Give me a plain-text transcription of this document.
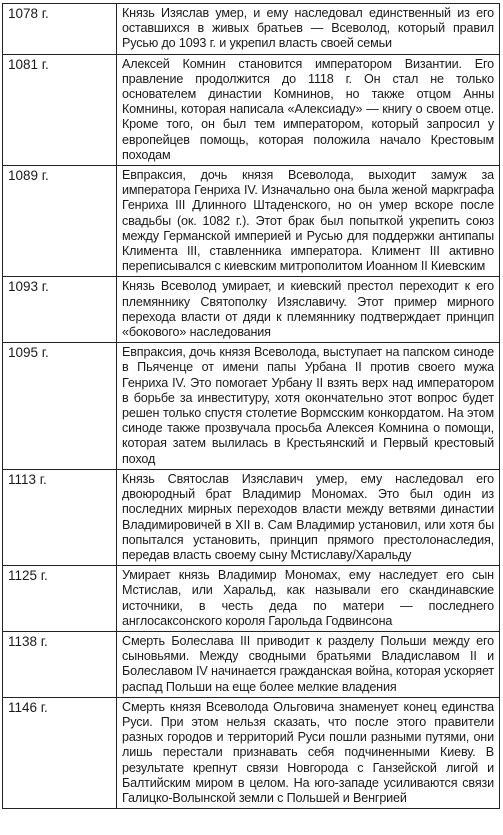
1078 г.	Князь Изяслав умер, и ему наследовал единственный из его оставшихся в живых братьев — Всеволод, который правил Русью до 1093 г. и укрепил власть своей семьи
1081 г.	Алексей Комнин становится императором Византии. Его правление продолжится до 1118 г. Он стал не только основателем династии Комнинов, но также отцом Анны Комнины, которая написала «Алексиаду» — книгу о своем отце. Кроме того, он был тем императором, который запросил у европейцев помощь, которая положила начало Крестовым походам
1089 г.	Евпраксия, дочь князя Всеволода, выходит замуж за императора Генриха IV. Изначально она была женой маркграфа Генриха III Длинного Штаденского, но он умер вскоре после свадьбы (ок. 1082 г.). Этот брак был попыткой укрепить союз между Германской империей и Русью для поддержки антипапы Климента III, ставленника императора. Климент III активно переписывался с киевским митрополитом Иоанном II Киевским
1093 г.	Князь Всеволод умирает, и киевский престол переходит к его племяннику Святополку Изяславичу. Этот пример мирного перехода власти от дяди к племяннику подтверждает принцип «бокового» наследования
1095 г.	Евпраксия, дочь князя Всеволода, выступает на папском синоде в Пьяченце от имени папы Урбана II против своего мужа Генриха IV. Это помогает Урбану II взять верх над императором в борьбе за инвеституру, хотя окончательно этот вопрос будет решен только спустя столетие Вормсским конкордатом. На этом синоде также прозвучала просьба Алексея Комнина о помощи, которая затем вылилась в Крестьянский и Первый крестовый поход
1113 г.	Князь Святослав Изяславич умер, ему наследовал его двоюродный брат Владимир Мономах. Это был один из последних мирных переходов власти между ветвями династии Владимировичей в XII в. Сам Владимир установил, или хотя бы попытался установить, принцип прямого престолонаследия, передав власть своему сыну Мстиславу/Харальду
1125 г.	Умирает князь Владимир Мономах, ему наследует его сын Мстислав, или Харальд, как называли его скандинавские источники, в честь деда по матери — последнего англосаксонского короля Гарольда Годвинсона
1138 г.	Смерть Болеслава III приводит к разделу Польши между его сыновьями. Между сводными братьями Владиславом II и Болеславом IV начинается гражданская война, которая ускоряет распад Польши на еще более мелкие владения
1146 г.	Смерть князя Всеволода Ольговича знаменует конец единства Руси. При этом нельзя сказать, что после этого правители разных городов и территорий Руси пошли разными путями, они лишь перестали признавать себя подчиненными Киеву. В результате крепнут связи Новгорода с Ганзейской лигой и Балтийским миром в целом. На юго-западе усиливаются связи Галицко-Волынской земли с Польшей и Венгрией
